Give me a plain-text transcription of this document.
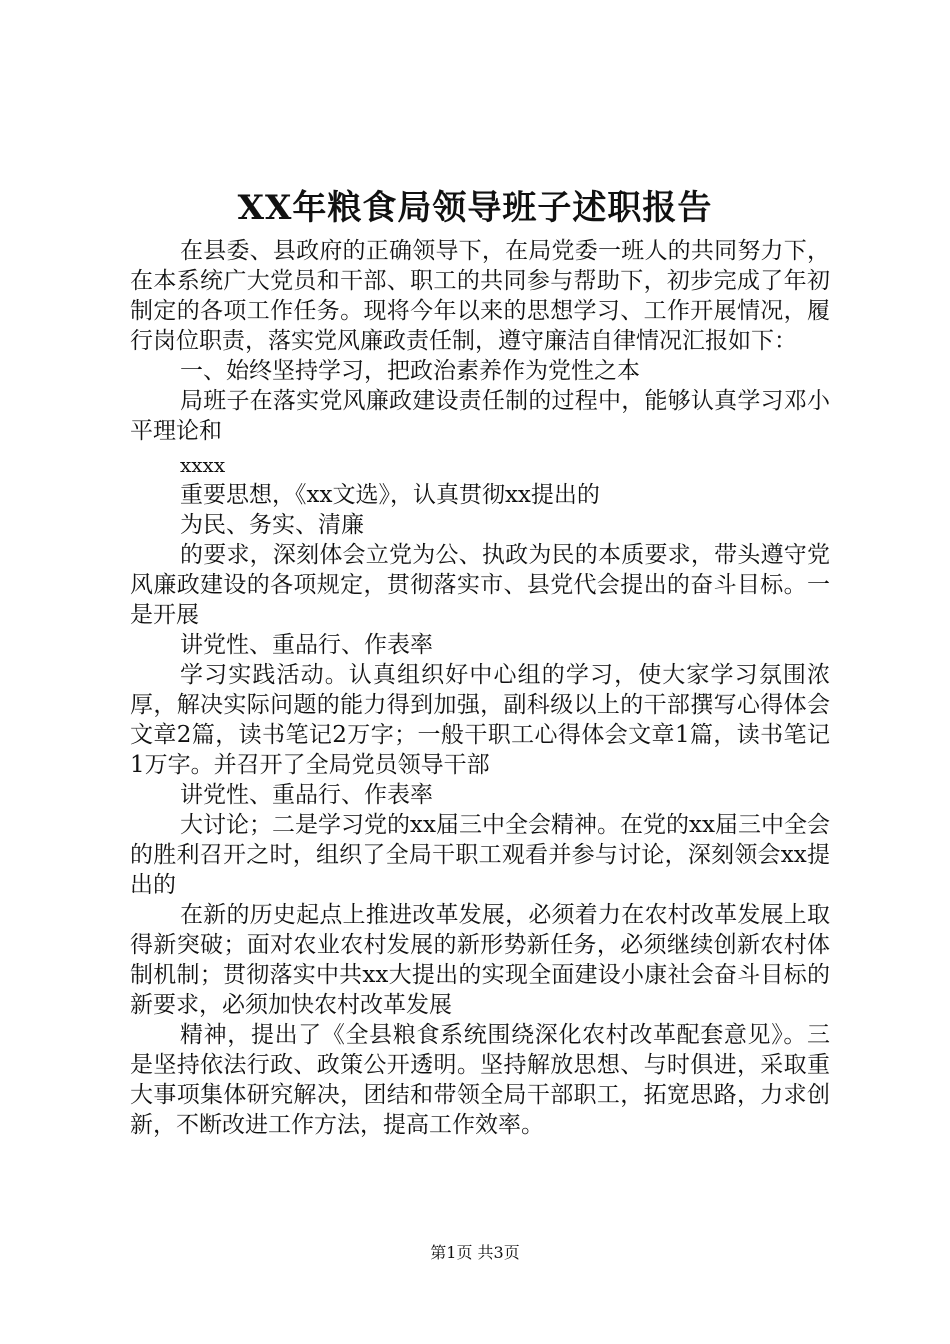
XX年粮食局领导班子述职报告

在县委、县政府的正确领导下，在局党委一班人的共同努力下，在本系统广大党员和干部、职工的共同参与帮助下，初步完成了年初制定的各项工作任务。现将今年以来的思想学习、工作开展情况，履行岗位职责，落实党风廉政责任制，遵守廉洁自律情况汇报如下：

一、始终坚持学习，把政治素养作为党性之本

局班子在落实党风廉政建设责任制的过程中，能够认真学习邓小平理论和

xxxx

重要思想，《xx文选》，认真贯彻xx提出的

为民、务实、清廉

的要求，深刻体会立党为公、执政为民的本质要求，带头遵守党风廉政建设的各项规定，贯彻落实市、县党代会提出的奋斗目标。一是开展

讲党性、重品行、作表率

学习实践活动。认真组织好中心组的学习，使大家学习氛围浓厚，解决实际问题的能力得到加强，副科级以上的干部撰写心得体会文章2篇，读书笔记2万字；一般干职工心得体会文章1篇，读书笔记1万字。并召开了全局党员领导干部

讲党性、重品行、作表率

大讨论；二是学习党的xx届三中全会精神。在党的xx届三中全会的胜利召开之时，组织了全局干职工观看并参与讨论，深刻领会xx提出的

在新的历史起点上推进改革发展，必须着力在农村改革发展上取得新突破；面对农业农村发展的新形势新任务，必须继续创新农村体制机制；贯彻落实中共xx大提出的实现全面建设小康社会奋斗目标的新要求，必须加快农村改革发展

精神，提出了《全县粮食系统围绕深化农村改革配套意见》。三是坚持依法行政、政策公开透明。坚持解放思想、与时俱进，采取重大事项集体研究解决，团结和带领全局干部职工，拓宽思路，力求创新，不断改进工作方法，提高工作效率。

第1页 共3页
